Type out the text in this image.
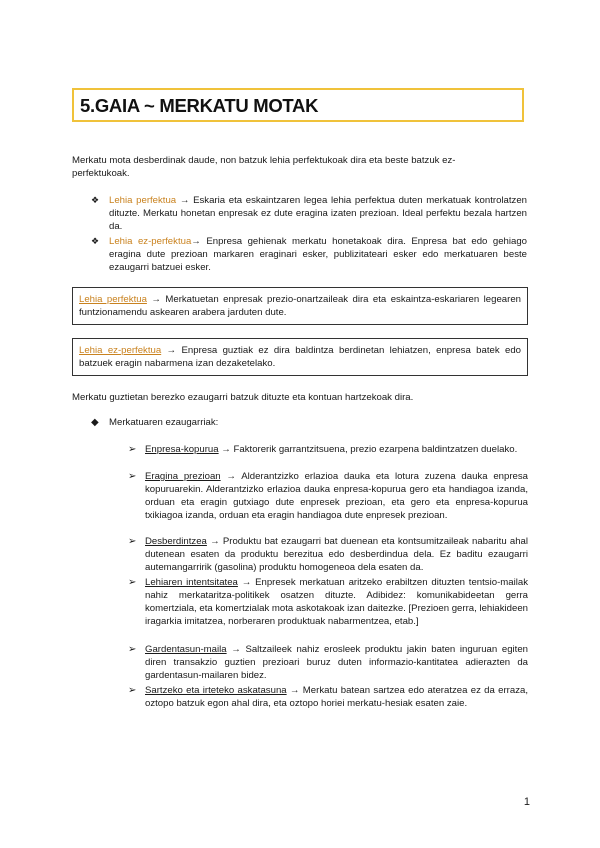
5.GAIA ~ MERKATU MOTAK
Merkatu mota desberdinak daude, non batzuk lehia perfektukoak dira eta beste batzuk ez-perfektukoak.
❖ Lehia perfektua → Eskaria eta eskaintzaren legea lehia perfektua duten merkatuak kontrolatzen dituzte. Merkatu honetan enpresak ez dute eragina izaten prezioan. Ideal perfektu bezala hartzen da.
❖ Lehia ez-perfektua→ Enpresa gehienak merkatu honetakoak dira. Enpresa bat edo gehiago eragina dute prezioan markaren eraginari esker, publizitateari esker edo merkatuaren beste ezaugarri batzuei esker.
Lehia perfektua → Merkatuetan enpresak prezio-onartzaileak dira eta eskaintza-eskariaren legearen funtzionamendu askearen arabera jarduten dute.
Lehia ez-perfektua → Enpresa guztiak ez dira baldintza berdinetan lehiatzen, enpresa batek edo batzuek eragin nabarmena izan dezaketelako.
Merkatu guztietan berezko ezaugarri batzuk dituzte eta kontuan hartzekoak dira.
◆ Merkatuaren ezaugarriak:
➢ Enpresa-kopurua → Faktorerik garrantzitsuena, prezio ezarpena baldintzatzen duelako.
➢ Eragina prezioan → Alderantzizko erlazioa dauka eta lotura zuzena dauka enpresa kopuruarekin. Alderantzizko erlazioa dauka enpresa-kopurua gero eta handiagoa izanda, orduan eta eragin gutxiago dute enpresek prezioan, eta gero eta enpresa-kopurua txikiagoa izanda, orduan eta eragin handiagoa dute enpresek prezioan.
➢ Desberdintzea → Produktu bat ezaugarri bat duenean eta kontsumitzaileak nabaritu ahal dutenean esaten da produktu berezitua edo desberdindua dela. Ez baditu ezaugarri autemangarririk (gasolina) produktu homogeneoa dela esaten da.
➢ Lehiaren intentsitatea → Enpresek merkatuan aritzeko erabiltzen dituzten tentsio-mailak nahiz merkataritza-politikek osatzen dituzte. Adibidez: komunikabideetan gerra komertziala, eta komertzialak mota askotakoak izan daitezke. [Prezioen gerra, lehiakideen iragarkia imitatzea, norberaren produktuak nabarmentzea, etab.]
➢ Gardentasun-maila → Saltzaileek nahiz erosleek produktu jakin baten inguruan egiten diren transakzio guztien prezioari buruz duten informazio-kantitatea adierazten da gardentasun-mailaren bidez.
➢ Sartzeko eta irteteko askatasuna → Merkatu batean sartzea edo ateratzea ez da erraza, oztopo batzuk egon ahal dira, eta oztopo horiei merkatu-hesiak esaten zaie.
1
